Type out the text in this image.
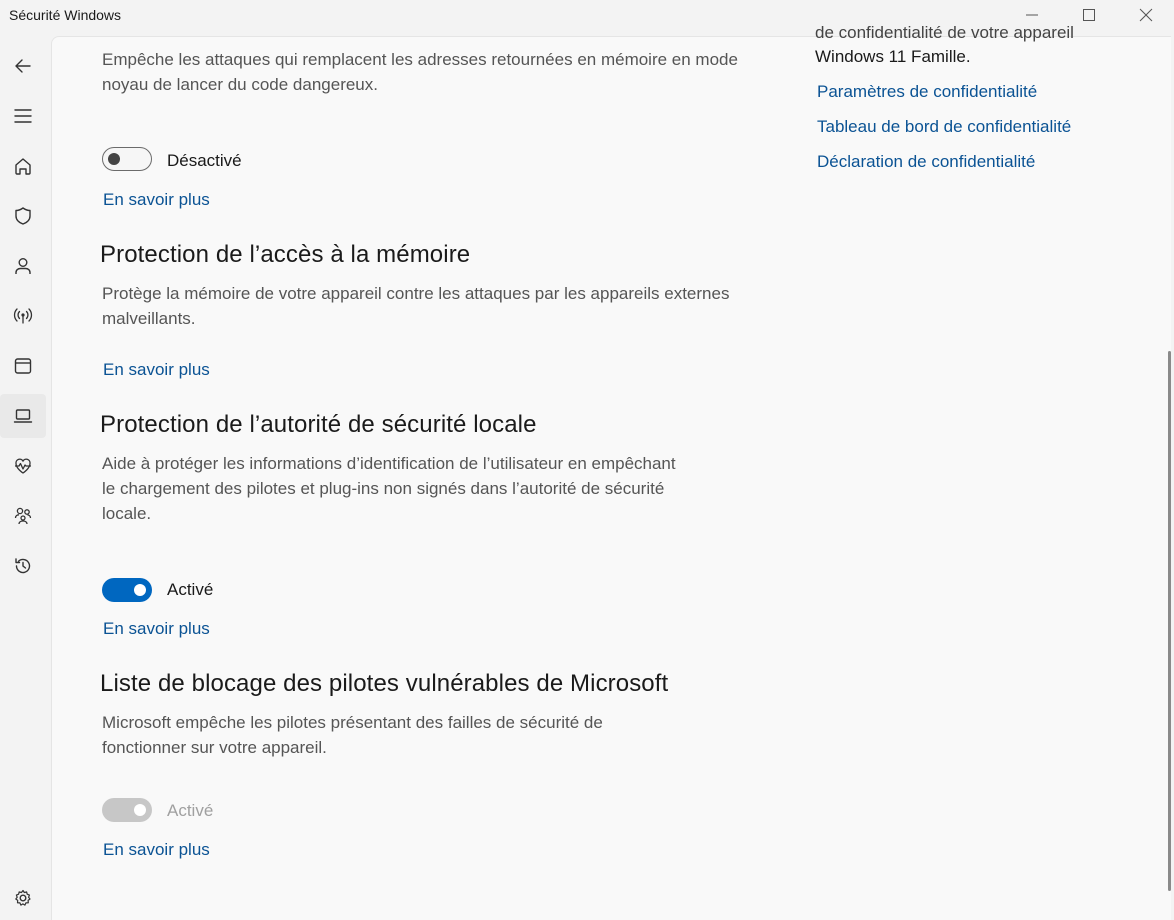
Sécurité Windows
Empêche les attaques qui remplacent les adresses retournées en mémoire en mode noyau de lancer du code dangereux.
Désactivé
En savoir plus
Protection de l’accès à la mémoire
Protège la mémoire de votre appareil contre les attaques par les appareils externes malveillants.
En savoir plus
Protection de l’autorité de sécurité locale
Aide à protéger les informations d’identification de l’utilisateur en empêchant le chargement des pilotes et plug-ins non signés dans l’autorité de sécurité locale.
Activé
En savoir plus
Liste de blocage des pilotes vulnérables de Microsoft
Microsoft empêche les pilotes présentant des failles de sécurité de fonctionner sur votre appareil.
Activé
En savoir plus
de confidentialité de votre appareil
Windows 11 Famille.
Paramètres de confidentialité
Tableau de bord de confidentialité
Déclaration de confidentialité
